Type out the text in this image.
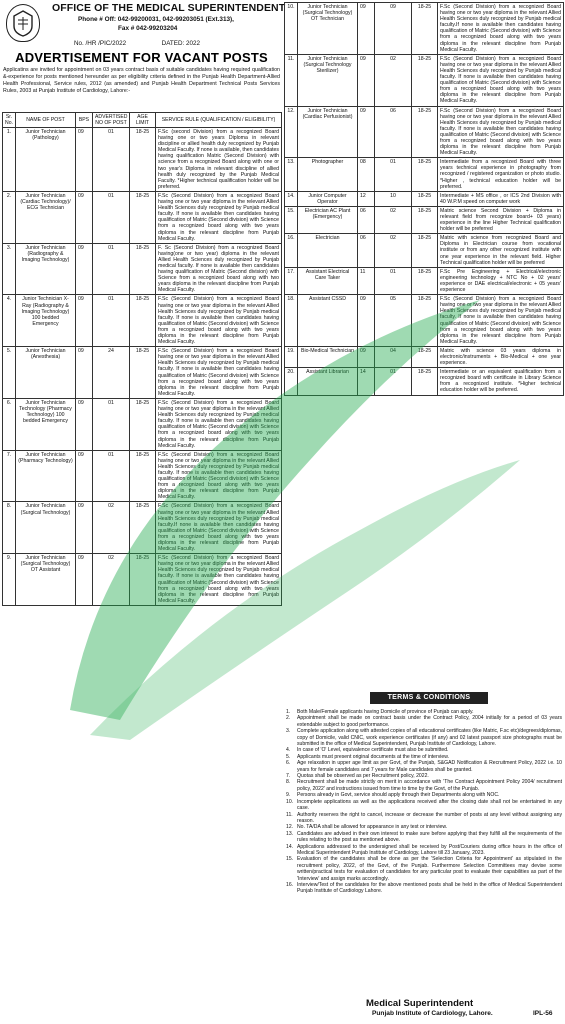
OFFICE OF THE MEDICAL SUPERINTENDENT
Phone # Off: 042-99200031, 042-99203051 (Ext.313),
Fax # 042-99203204
No. /HR /PIC/2022	DATED: 2022
ADVERTISEMENT FOR VACANT POSTS
Applicatins are invited for appointment on 03 years contract basis of suitable candidates having required qualification &-experience for posts mentioned hereunder as per eligibility criteria defined in the Punjab Health Department-Allied Health Professional, Service rules, 2012 (as amended) and Punjab Health Department Technical Posts Services Rules, 2003 at Punjab Institute of Cardiology, Lahore:-
Sr. No.	NAME OF POST	BPS	ADVERTISED NO OF POST	AGE LIMIT	SERVICE RULE (QUALIFICATION / ELIGIBILITY)
1.	Junior Technician (Pathology)	09	01	18-25	F.Sc (second Division) from a recognized Board having one or two years Diploma in relevant discipline or allied health duly recognized by Punjab Medical Faculty. If none is available, then candidates having qualification Matric (Second Division) with science from a recognized Board along with one or two year's Diploma in relevant discipline of allied health duly recognized by the Punjab Medical Faculty. *Higher technical qualification holder will be preferred.
2.	Junior Technician (Cardiac Technology)/ ECG Technician	09	01	18-25	F.Sc (Second Division) from a recognized Board having one or two year diploma in the relevant Allied Health Sciences duly recognized by Punjab medical faculty. If none is available then candidates having qualification of Matric (Second division) with Science from a recognized board along with two years diploma in the relevant discipline from Punjab Medical Faculty.
3.	Junior Technician (Radiography & Imaging Technology)	09	01	18-25	F. Sc (Second Division) from a recognized Board having(one or two year) diploma in the relevant Allied Health Sciences duly recognized by Punjab medical faculty. If none is available then candidates having qualification of Matric (Second division) with Science from a recognized board along with two years diploma in the relevant discipline from Punjab Medical Faculty.
4.	Junior Technician X-Ray (Radiography & Imaging Technology) 100 bedded Emergency	09	01	18-25	F.Sc (Second Division) from a recognized Board having one or two year diploma in the relevant Allied Health Sciences duly recognized by Punjab medical faculty. If none is available then candidates having qualification of Matric (Second division) with Science from a recognized board along with two years diploma in the relevant discipline from Punjab Medical Faculty.
5.	Junior Technician (Anesthesia)	09	24	18-25	F.Sc (Second Division) from a recognized Board having one or two year diploma in the relevant Allied Health Sciences duly recognized by Punjab medical faculty. If none is available then candidates having qualification of Matric (Second division) with Science from a recognized board along with two years diploma in the relevant discipline from Punjab Medical Faculty.
6.	Junior Technician Technology (Pharmacy Technology) 100 bedded Emergency	09	01	18-25	F.Sc (Second Division) from a recognized Board having one or two year diploma in the relevant Allied Health Sciences duly recognized by Punjab medical faculty. If none is available then candidates having qualification of Matric (Second division) with Science from a recognized board along with two years diploma in the relevant discipline from Punjab Medical Faculty.
7.	Junior Technician (Pharmacy Technology)	09	01	18-25	F.Sc (Second Division) from a recognized Board having one or two year diploma in the relevant Allied Health Sciences duly recognized by Punjab medical faculty. If none is available then candidates having qualification of Matric (Second division) with Science from a recognized board along with two years diploma in the relevant discipline from Punjab Medical Faculty.
8.	Junior Technician (Surgical Technology)	09	02	18-25	F.Sc (Second Division) from a recognized Board having one or two year diploma in the relevant Allied Health Sciences duly recognized by Punjab medical faculty.If none is available then candidates having qualification of Matric (Second division) with Science from a recognized board along with two years diploma in the relevant discipline from Punjab Medical Faculty.
9.	Junior Technician (Surgical Technology) OT Assistant	09	02	18-25	F.Sc (Second Division) from a recognized Board having one or two year diploma in the relevant Allied Health Sciences duly recognized by Punjab medical faculty. If none is available then candidates having qualification of Matric (Second division) with Science from a recognized board along with two years diploma in the relevant discipline from Punjab Medical Faculty.
10.	Junior Technician (Surgical Technology) OT Technician	09	09	18-25	F.Sc (Second Division) from a recognized Board having one or two year diploma in the relevant Allied Health Sciences duly recognized by Punjab medical faculty.If none is available then candidates having qualification of Matric (Second division) with Science from a recognized board along with two years diploma in the relevant discipline from Punjab Medical Faculty.
11.	Junior Technician (Surgical Technology Sterilizer)	09	02	18-25	F.Sc (Second Division) from a recognized Board having one or two year diploma in the relevant Allied Health Sciences duly recognized by Punjab medical faculty. If none is available then candidates having qualification of Matric (Second division) with Science from a recognized board along with two years diploma in the relevant discipline from Punjab Medical Faculty.
12.	Junior Technician (Cardiac Perfusionist)	09	06	18-25	F.Sc (Second Division) from a recognized Board having one or two year diploma in the relevant Allied Health Sciences duly recognized by Punjab medical faculty. If none is available then candidates having qualification of Matric (Second division) with Science from a recognized board along with two years diploma in the relevant discipline from Punjab Medical Faculty.
13.	Photographer	08	01	18-25	Intermediate from a recognized Board with three years technical experience in photography from recognized / registered organization or photo studio. *Higher , technical education holder will be preferred.
14.	Junior Computer Operator	12	10	18-25	Intermediate + MS office , or ICS 2nd Division with 40 W.P.M speed on computer work
15.	Electrician AC Plant (Emergency)	06	02	18-25	Matric science Second Division + Diploma in relevant field from recognize board+ 03 years) experience in the line Higher Technical qualification holder will be preferred
16.	Electrician	06	02	18-25	Matric with science from recognized Board and Diploma in Electrician course from vocational institute or from any other recognized institute with one year experience in the relevant field. Higher Technical qualification holder will be preferred
17.	Assistant Electrical Care Taker	11	01	18-25	F.Sc Pre Engineering + Electrical/electronic engineering technology + NTC No + 02 years' experience or DAE electrical/electronic + 05 years' experience
18.	Assistant CSSD	09	05	18-25	F.Sc (Second Division) from a recognized Board having one or two year diploma in the relevant Allied Health Sciences duly recognized by Punjab medical faculty. If none is available then candidates having qualification of Matric (Second division) with Science from a recognized board along with two years diploma in the relevant discipline from Punjab Medical Faculty.
19.	Bio-Medical Technician	09	04	18-25	Matric with science 03 years diploma in electronic/instruments + Bio-Medical + one year experience.
20.	Assistant Librarian	14	01	18-25	Intermediate or an equivalent qualification from a recognized board with certificate in Library Science from a recognized institute. *Higher technical education holder will be preferred.
TERMS & CONDITIONS
1.	Both Male/Female applicants having Domicile of province of Punjab can apply.
2.	Appointment shall be made on contract basis under the Contract Policy, 2004 initially for a period of 03 years extendable subject to good performance.
3.	Complete application along with attested copies of all educational certificates (like Matric, F.sc etc)/degrees/diplomas, copy of Domicile, valid CNIC, work experience certificates (if any) and 02 latest passport size photographs must be submitted in the office of Medical Superintendent, Punjab Institute of Cardiology, Lahore.
4.	In case of 'O' Level, equivalence certificate must also be submitted.
5.	Applicants must present original documents at the time of interview.
6.	Age relaxation in upper age limit as per Govt, of the Punjab, S&GAD Notification & Recruitment Policy, 2022 i.e. 10 years for female candidates and 7 years for Male candidates shall be granted.
7.	Quotas shall be observed as per Recruitment policy, 2022.
8.	Recruitment shall be made strictly on merit in accordance with 'The Contract Appointment Policy 2004/ recruitment policy, 2022' and instructions issued from time to time by the Govt, of the Punjab.
9.	Persons already in Govt, service should apply through their Departments along with NOC.
10. Incomplete applications as well as the applications received after the closing date shall not be entertained in any case.
11. Authority reserves the right to cancel, increase or decrease the number of posts at any level without assigning any reason.
12. No. TA/DA shall be allowed for appearance in any test or interview.
13. Candidates are advised in their own interest to make sure before applying that they fulfill all the requirements of the rules relating to the post as mentioned above.
14. Applications addressed to the undersigned shall be received by Post/Couriers during office hours in the office of Medical Superintendent Punjab Institute of Cardiology, Lahore till 23 January, 2023.
15. Evaluation of the candidates shall be done as per the 'Selection Criteria for Appointment' as stipulated in the recruitment policy, 2022, of the Govt, of the Punjab. Furthermore Selection Committees may devise some written/practical tests for evaluation of candidates for any particular post to evaluate their capabilities as part of the 'Interview' and assign marks accordingly.
16. Interview/Test of the candidates for the above mentioned posts shall be held in the office of Medical Superintendent Punjab Institute of Cardiology Lahore.
Medical Superintendent
Punjab Institute of Cardiology, Lahore.	IPL-56
